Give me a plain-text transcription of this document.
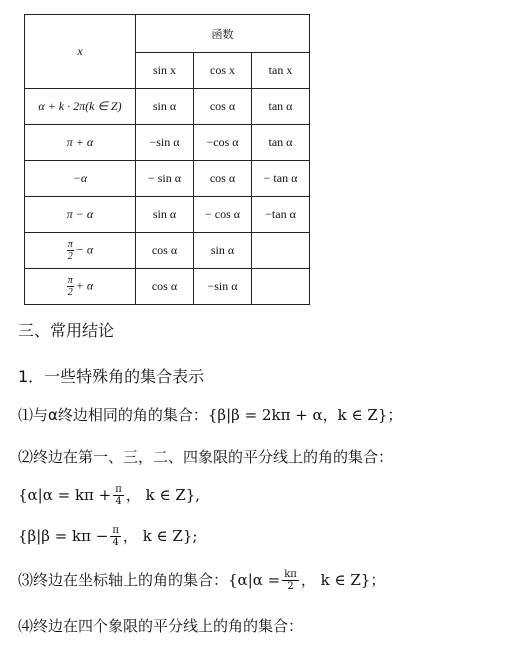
x	函数		
	sin x	cos x	tan x
α + k · 2π(k ∈ Z)	sin α	cos α	tan α
π + α	−sin α	−cos α	tan α
−α	− sin α	cos α	− tan α
π − α	sin α	− cos α	−tan α

$\frac{\pi}{2} - \alpha$	cos α	sin α	

$\frac{\pi}{2} + \alpha$	cos α	−sin α	
三、常用结论
1．一些特殊角的集合表示
⑴与α终边相同的角的集合：{β|β = 2kπ + α，k ∈ Z}；
⑵终边在第一、三，二、四象限的平分线上的角的集合：
{$\alpha|\alpha = k\pi + \frac{\pi}{4}$ ， k ∈ Z},
{$\beta|\beta = k\pi - \frac{\pi}{4}$ ， k ∈ Z};
⑶终边在坐标轴上的角的集合：{$\alpha|\alpha = \frac{k\pi}{2}$ ， k ∈ Z}；
⑷终边在四个象限的平分线上的角的集合：
